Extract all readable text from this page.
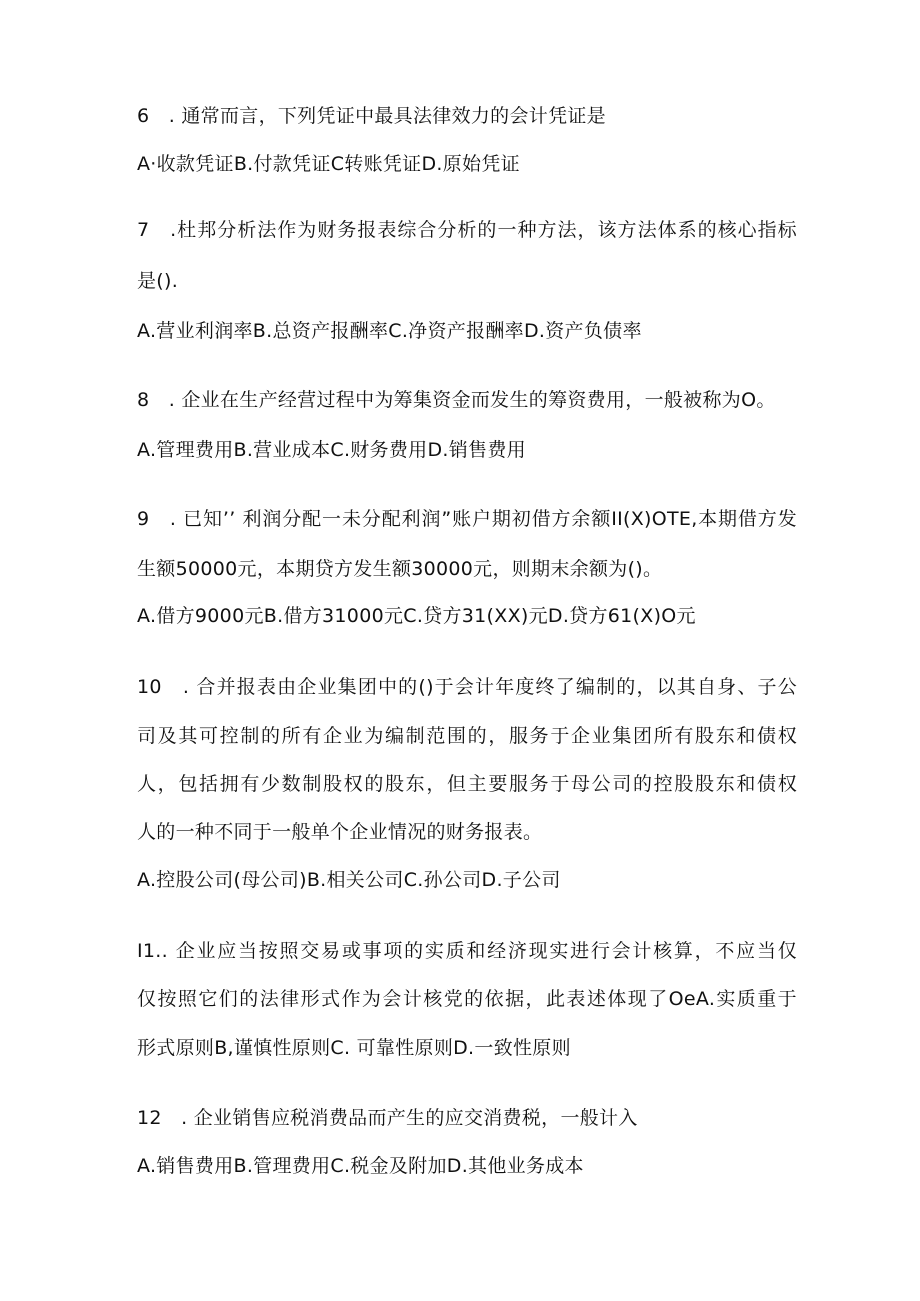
6　. 通常而言，下列凭证中最具法律效力的会计凭证是
A·收款凭证B.付款凭证C转账凭证D.原始凭证
7　.杜邦分析法作为财务报表综合分析的一种方法，该方法体系的核心指标
是().
A.营业利润率B.总资产报酬率C.净资产报酬率D.资产负债率
8　. 企业在生产经营过程中为筹集资金而发生的筹资费用，一般被称为O。
A.管理费用B.营业成本C.财务费用D.销售费用
9　. 已知’’ 利润分配一未分配利润”账户期初借方余额II(X)OTE,本期借方发
生额50000元，本期贷方发生额30000元，则期末余额为()。
A.借方9000元B.借方31000元C.贷方31(XX)元D.贷方61(X)O元
10　. 合并报表由企业集团中的()于会计年度终了编制的，以其自身、子公
司及其可控制的所有企业为编制范围的，服务于企业集团所有股东和债权
人，包括拥有少数制股权的股东，但主要服务于母公司的控股股东和债权
人的一种不同于一般单个企业情况的财务报表。
A.控股公司(母公司)B.相关公司C.孙公司D.子公司
I1.. 企业应当按照交易或事项的实质和经济现实进行会计核算，不应当仅
仅按照它们的法律形式作为会计核党的依据，此表述体现了OeA.实质重于
形式原则B,谨慎性原则C. 可靠性原则D.一致性原则
12　. 企业销售应税消费品而产生的应交消费税，一般计入
A.销售费用B.管理费用C.税金及附加D.其他业务成本
